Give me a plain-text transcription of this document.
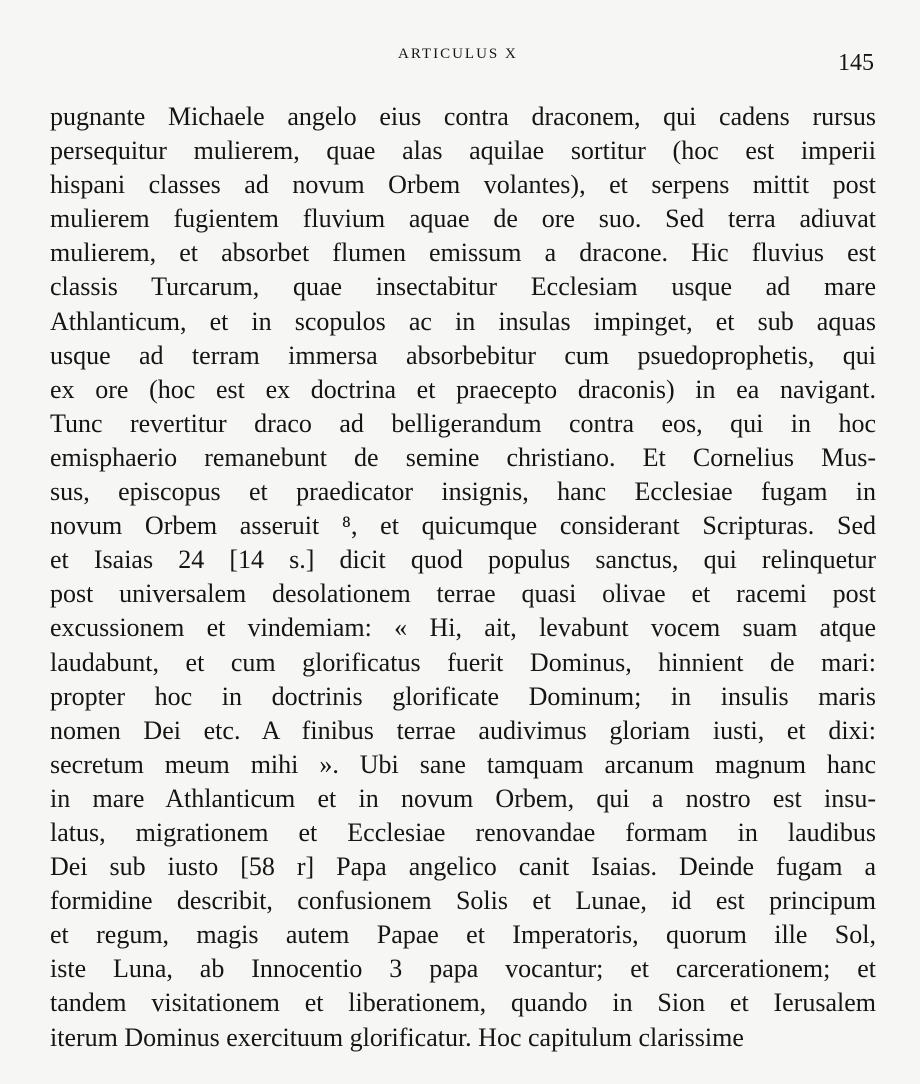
ARTICULUS X	145
pugnante Michaele angelo eius contra draconem, qui cadens rursus
persequitur mulierem, quae alas aquilae sortitur (hoc est imperii
hispani classes ad novum Orbem volantes), et serpens mittit post
mulierem fugientem fluvium aquae de ore suo. Sed terra adiuvat
mulierem, et absorbet flumen emissum a dracone. Hic fluvius est
classis Turcarum, quae insectabitur Ecclesiam usque ad mare
Athlanticum, et in scopulos ac in insulas impinget, et sub aquas
usque ad terram immersa absorbebitur cum psuedoprophetis, qui
ex ore (hoc est ex doctrina et praecepto draconis) in ea navigant.
Tunc revertitur draco ad belligerandum contra eos, qui in hoc
emisphaerio remanebunt de semine christiano. Et Cornelius Mus-
sus, episcopus et praedicator insignis, hanc Ecclesiae fugam in
novum Orbem asseruit ⁸, et quicumque considerant Scripturas. Sed
et Isaias 24 [14 s.] dicit quod populus sanctus, qui relinquetur
post universalem desolationem terrae quasi olivae et racemi post
excussionem et vindemiam: « Hi, ait, levabunt vocem suam atque
laudabunt, et cum glorificatus fuerit Dominus, hinnient de mari:
propter hoc in doctrinis glorificate Dominum; in insulis maris
nomen Dei etc. A finibus terrae audivimus gloriam iusti, et dixi:
secretum meum mihi ». Ubi sane tamquam arcanum magnum hanc
in mare Athlanticum et in novum Orbem, qui a nostro est insu-
latus, migrationem et Ecclesiae renovandae formam in laudibus
Dei sub iusto [58 r] Papa angelico canit Isaias. Deinde fugam a
formidine describit, confusionem Solis et Lunae, id est principum
et regum, magis autem Papae et Imperatoris, quorum ille Sol,
iste Luna, ab Innocentio 3 papa vocantur; et carcerationem; et
tandem visitationem et liberationem, quando in Sion et Ierusalem
iterum Dominus exercituum glorificatur. Hoc capitulum clarissime
